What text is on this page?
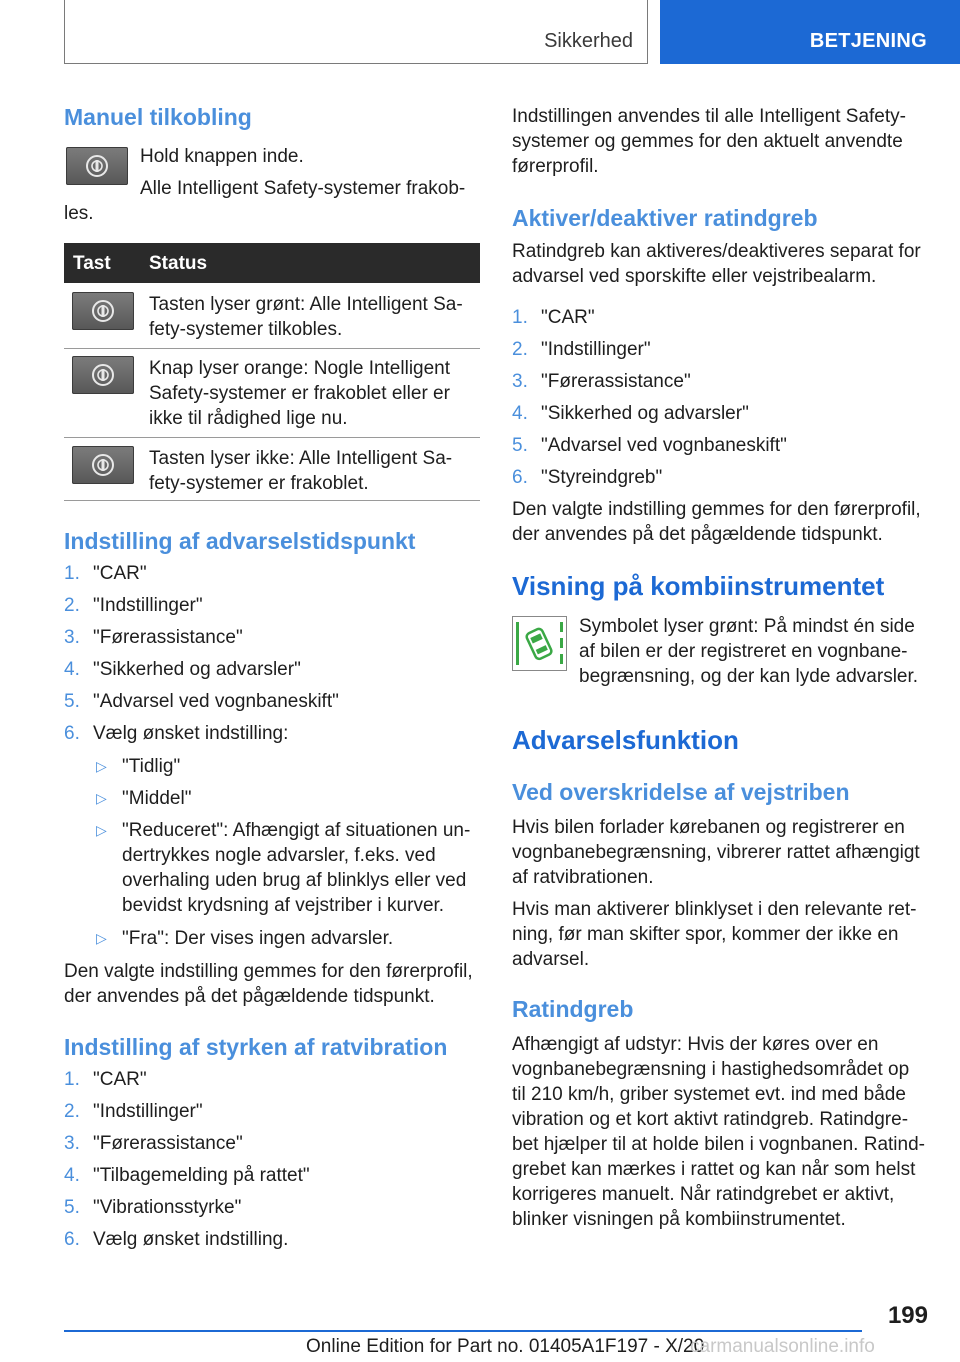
Sikkerhed	BETJENING
Manuel tilkobling
Hold knappen inde.
Alle Intelligent Safety-systemer frakob-
les.
Tast Status
Tasten lyser grønt: Alle Intelligent Sa-
fety-systemer tilkobles.
Knap lyser orange: Nogle Intelligent
Safety-systemer er frakoblet eller er
ikke til rådighed lige nu.
Tasten lyser ikke: Alle Intelligent Sa-
fety-systemer er frakoblet.
Indstilling af advarselstidspunkt
1. "CAR"
2. "Indstillinger"
3. "Førerassistance"
4. "Sikkerhed og advarsler"
5. "Advarsel ved vognbaneskift"
6. Vælg ønsket indstilling:
▷ "Tidlig"
▷ "Middel"
▷ "Reduceret": Afhængigt af situationen un-
dertrykkes nogle advarsler, f.eks. ved
overhaling uden brug af blinklys eller ved
bevidst krydsning af vejstriber i kurver.
▷ "Fra": Der vises ingen advarsler.
Den valgte indstilling gemmes for den førerprofil,
der anvendes på det pågældende tidspunkt.
Indstilling af styrken af ratvibration
1. "CAR"
2. "Indstillinger"
3. "Førerassistance"
4. "Tilbagemelding på rattet"
5. "Vibrationsstyrke"
6. Vælg ønsket indstilling.
Indstillingen anvendes til alle Intelligent Safety-
systemer og gemmes for den aktuelt anvendte
førerprofil.
Aktiver/deaktiver ratindgreb
Ratindgreb kan aktiveres/deaktiveres separat for
advarsel ved sporskifte eller vejstribealarm.
1. "CAR"
2. "Indstillinger"
3. "Førerassistance"
4. "Sikkerhed og advarsler"
5. "Advarsel ved vognbaneskift"
6. "Styreindgreb"
Den valgte indstilling gemmes for den førerprofil,
der anvendes på det pågældende tidspunkt.
Visning på kombiinstrumentet
Symbolet lyser grønt: På mindst én side
af bilen er der registreret en vognbane-
begrænsning, og der kan lyde advarsler.
Advarselsfunktion
Ved overskridelse af vejstriben
Hvis bilen forlader kørebanen og registrerer en
vognbanebegrænsning, vibrerer rattet afhængigt
af ratvibrationen.
Hvis man aktiverer blinklyset i den relevante ret-
ning, før man skifter spor, kommer der ikke en
advarsel.
Ratindgreb
Afhængigt af udstyr: Hvis der køres over en
vognbanebegrænsning i hastighedsområdet op
til 210 km/h, griber systemet evt. ind med både
vibration og et kort aktivt ratindgreb. Ratindgre-
bet hjælper til at holde bilen i vognbanen. Ratind-
grebet kan mærkes i rattet og kan når som helst
korrigeres manuelt. Når ratindgrebet er aktivt,
blinker visningen på kombiinstrumentet.
199
Online Edition for Part no. 01405A1F197 - X/20
carmanualsonline.info
